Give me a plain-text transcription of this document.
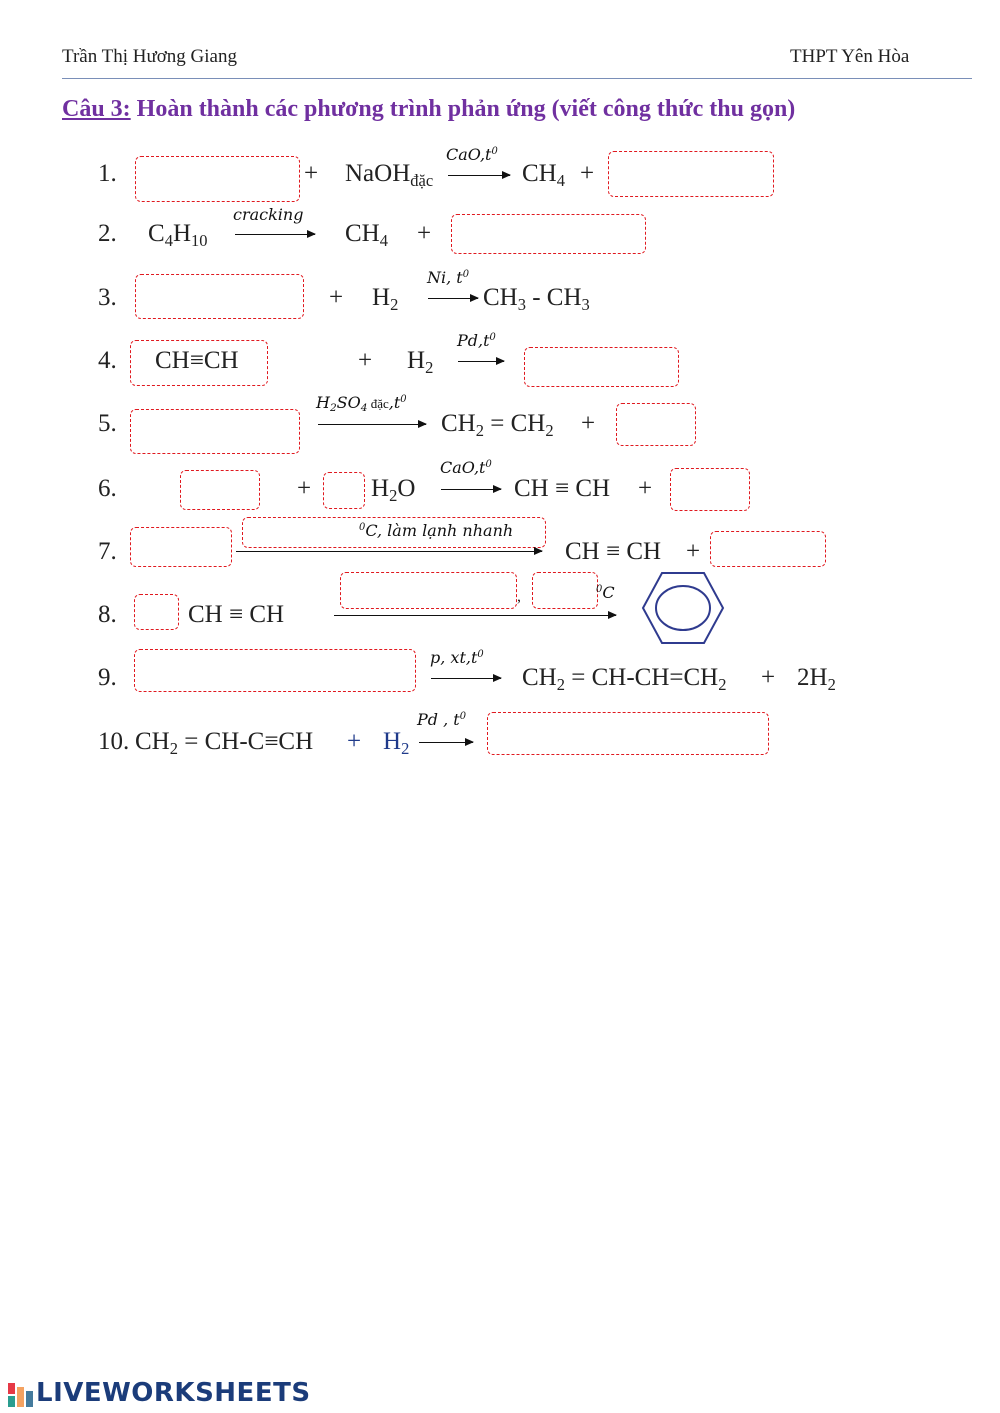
Trần Thị Hương Giang	THPT Yên Hòa
Câu 3: Hoàn thành các phương trình phản ứng (viết công thức thu gọn)
1.	+ NaOH$_{đặc}$
$CaO,t^0$
→ $CH_4$ +
2. $C_4H_{10}$
cracking
$CH_4$ +
3.	+ $H_2$
Ni, $t^0$
→ $CH_3 - CH_3$
4. CH≡CH	+ $H_2$
$Pd,t^0$
5.
$H_2SO_4$ $đặc,t^0$
$CH_2 = CH_2$ +
6.	+ $H_2O$
$CaO,t^0$
→ CH ≡ CH +
7.
$^0$C, làm lạnh nhanh
CH ≡ CH +
8.	CH ≡ CH
,	$^0$C
9.
p, $xt,t^0$
$CH_2 = CH-CH=CH_2 + 2H_2$
10. $CH_2 = CH-C\equiv CH + H_2$
Pd , $t^0$
LIVEWORKSHEETS
